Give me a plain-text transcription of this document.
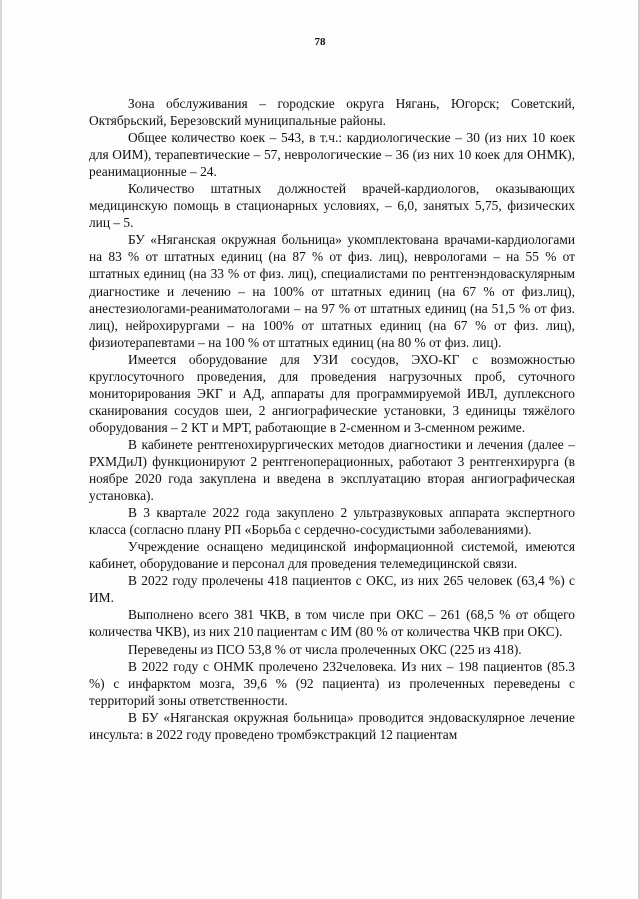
78

Зона обслуживания – городские округа Нягань, Югорск; Советский, Октябрьский, Березовский муниципальные районы.

Общее количество коек – 543, в т.ч.: кардиологические – 30 (из них 10 коек для ОИМ), терапевтические – 57, неврологические – 36 (из них 10 коек для ОНМК), реанимационные – 24.

Количество штатных должностей врачей-кардиологов, оказывающих медицинскую помощь в стационарных условиях, – 6,0, занятых 5,75, физических лиц – 5.

БУ «Няганская окружная больница» укомплектована врачами-кардиологами на 83 % от штатных единиц (на 87 % от физ. лиц), неврологами – на 55 % от штатных единиц (на 33 % от физ. лиц), специалистами по рентгенэндоваскулярным диагностике и лечению – на 100% от штатных единиц (на 67 % от физ.лиц), анестезиологами-реаниматологами – на 97 % от штатных единиц (на 51,5 % от физ. лиц), нейрохирургами – на 100% от штатных единиц (на 67 % от физ. лиц), физиотерапевтами – на 100 % от штатных единиц (на 80 % от физ. лиц).

Имеется оборудование для УЗИ сосудов, ЭХО-КГ с возможностью круглосуточного проведения, для проведения нагрузочных проб, суточного мониторирования ЭКГ и АД, аппараты для программируемой ИВЛ, дуплексного сканирования сосудов шеи, 2 ангиографические установки, 3 единицы тяжёлого оборудования – 2 КТ и МРТ, работающие в 2-сменном и 3-сменном режиме.

В кабинете рентгенохирургических методов диагностики и лечения (далее – РХМДиЛ) функционируют 2 рентгеноперационных, работают 3 рентгенхирурга (в ноябре 2020 года закуплена и введена в эксплуатацию вторая ангиографическая установка).

В 3 квартале 2022 года закуплено 2 ультразвуковых аппарата экспертного класса (согласно плану РП «Борьба с сердечно-сосудистыми заболеваниями).

Учреждение оснащено медицинской информационной системой, имеются кабинет, оборудование и персонал для проведения телемедицинской связи.

В 2022 году пролечены 418 пациентов с ОКС, из них 265 человек (63,4 %) с ИМ.

Выполнено всего 381 ЧКВ, в том числе при ОКС – 261 (68,5 % от общего количества ЧКВ), из них 210 пациентам с ИМ (80 % от количества ЧКВ при ОКС).

Переведены из ПСО 53,8 % от числа пролеченных ОКС (225 из 418).

В 2022 году с ОНМК пролечено 232человека. Из них – 198 пациентов (85.3 %) с инфарктом мозга, 39,6 % (92 пациента) из пролеченных переведены с территорий зоны ответственности.

В БУ «Няганская окружная больница» проводится эндоваскулярное лечение инсульта: в 2022 году проведено тромбэкстракций 12 пациентам
